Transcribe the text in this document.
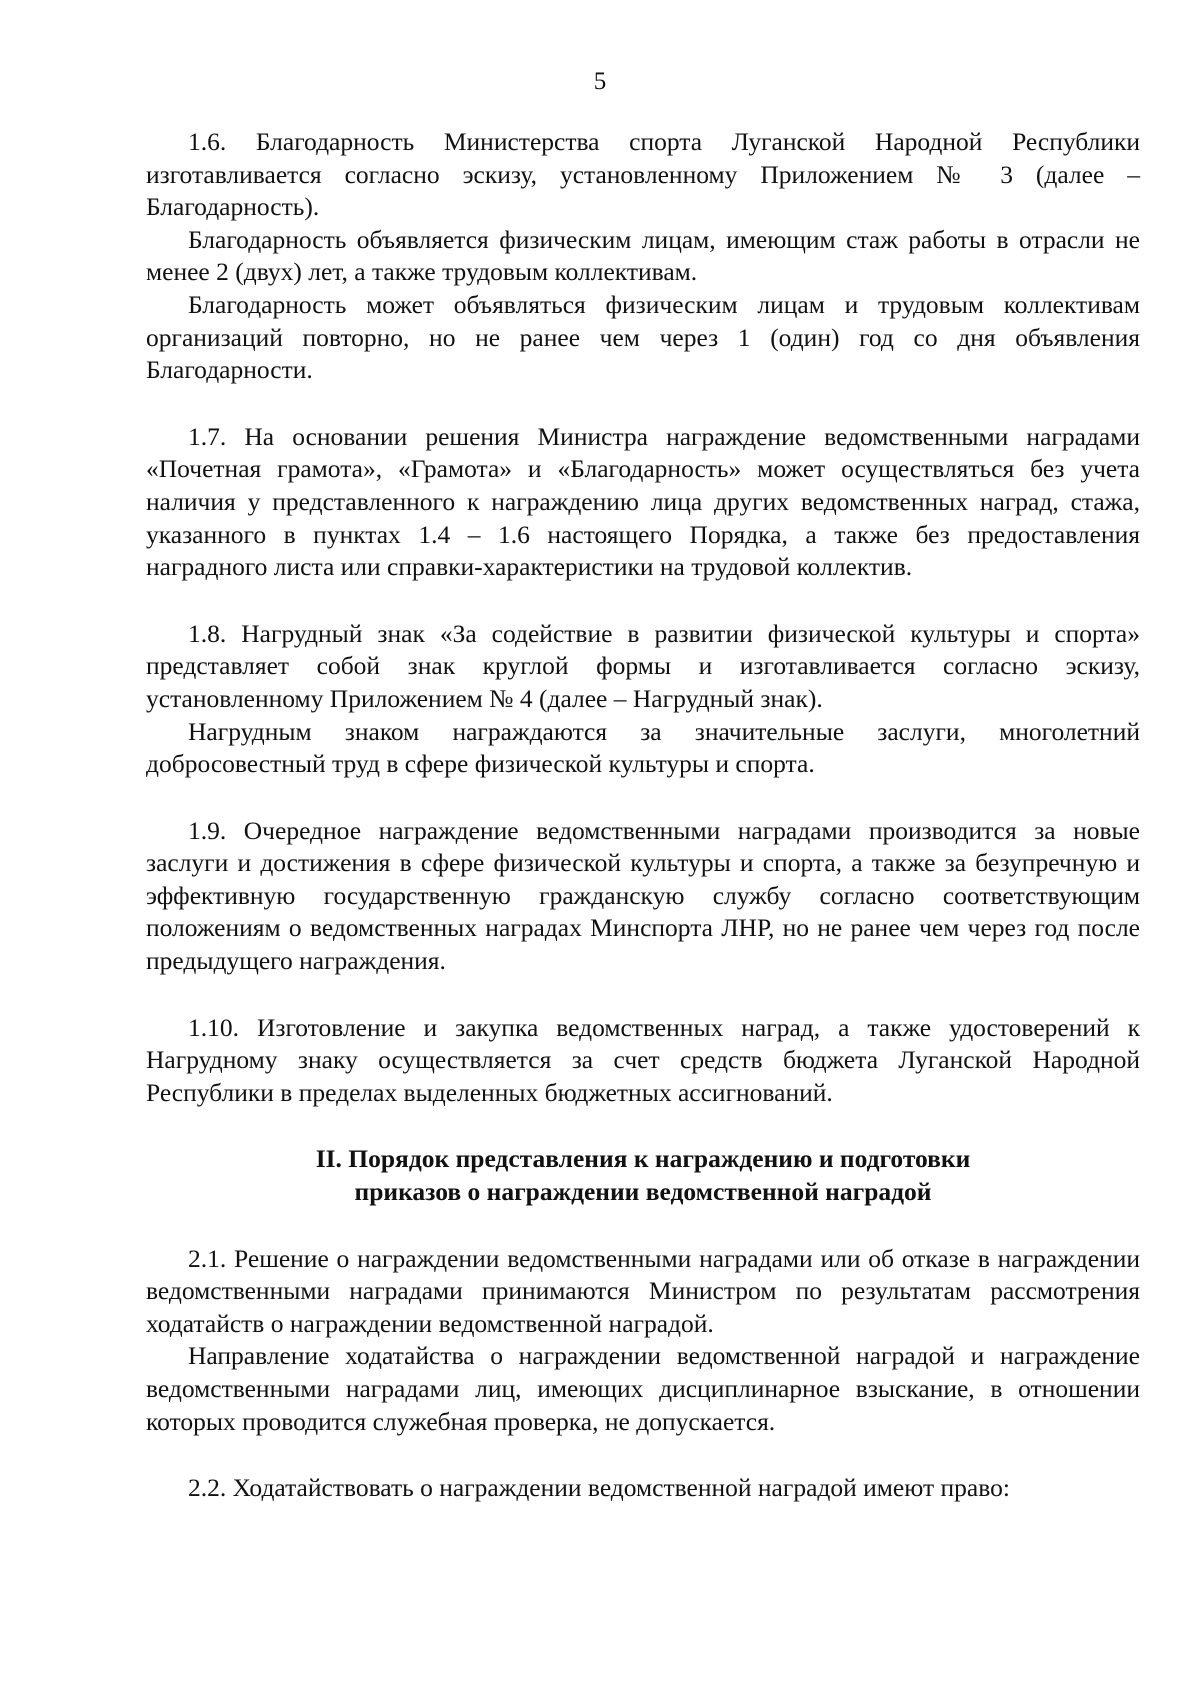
5

1.6. Благодарность Министерства спорта Луганской Народной Республики изготавливается согласно эскизу, установленному Приложением № 3 (далее – Благодарность).

Благодарность объявляется физическим лицам, имеющим стаж работы в отрасли не менее 2 (двух) лет, а также трудовым коллективам.

Благодарность может объявляться физическим лицам и трудовым коллективам организаций повторно, но не ранее чем через 1 (один) год со дня объявления Благодарности.

1.7. На основании решения Министра награждение ведомственными наградами «Почетная грамота», «Грамота» и «Благодарность» может осуществляться без учета наличия у представленного к награждению лица других ведомственных наград, стажа, указанного в пунктах 1.4 – 1.6 настоящего Порядка, а также без предоставления наградного листа или справки-характеристики на трудовой коллектив.

1.8. Нагрудный знак «За содействие в развитии физической культуры и спорта» представляет собой знак круглой формы и изготавливается согласно эскизу, установленному Приложением № 4 (далее – Нагрудный знак).

Нагрудным знаком награждаются за значительные заслуги, многолетний добросовестный труд в сфере физической культуры и спорта.

1.9. Очередное награждение ведомственными наградами производится за новые заслуги и достижения в сфере физической культуры и спорта, а также за безупречную и эффективную государственную гражданскую службу согласно соответствующим положениям о ведомственных наградах Минспорта ЛНР, но не ранее чем через год после предыдущего награждения.

1.10. Изготовление и закупка ведомственных наград, а также удостоверений к Нагрудному знаку осуществляется за счет средств бюджета Луганской Народной Республики в пределах выделенных бюджетных ассигнований.

II. Порядок представления к награждению и подготовки
приказов о награждении ведомственной наградой

2.1. Решение о награждении ведомственными наградами или об отказе в награждении ведомственными наградами принимаются Министром по результатам рассмотрения ходатайств о награждении ведомственной наградой.

Направление ходатайства о награждении ведомственной наградой и награждение ведомственными наградами лиц, имеющих дисциплинарное взыскание, в отношении которых проводится служебная проверка, не допускается.

2.2. Ходатайствовать о награждении ведомственной наградой имеют право:
